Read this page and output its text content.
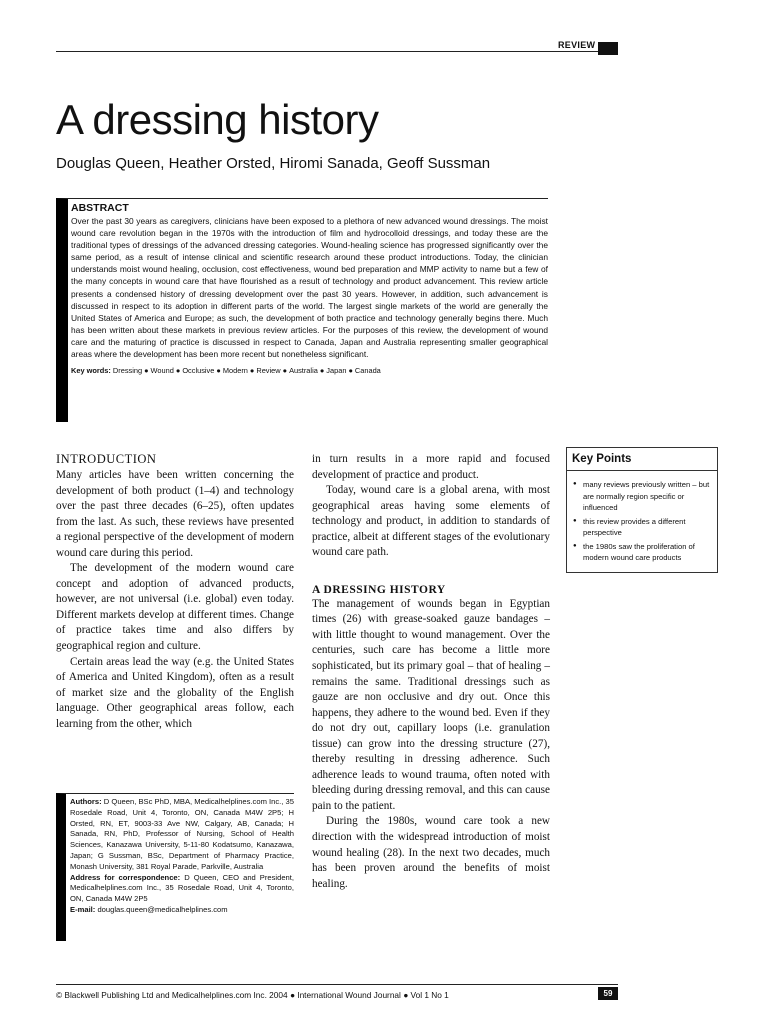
REVIEW
A dressing history
Douglas Queen, Heather Orsted, Hiromi Sanada, Geoff Sussman
ABSTRACT

Over the past 30 years as caregivers, clinicians have been exposed to a plethora of new advanced wound dressings. The moist wound care revolution began in the 1970s with the introduction of film and hydrocolloid dressings, and today these are the traditional types of dressings of the advanced dressing categories. Wound-healing science has progressed significantly over the same period, as a result of intense clinical and scientific research around these product introductions. Today, the clinician understands moist wound healing, occlusion, cost effectiveness, wound bed preparation and MMP activity to name but a few of the many concepts in wound care that have flourished as a result of technology and product advancement. This review article presents a condensed history of dressing development over the past 30 years. However, in addition, such advancement is discussed in respect to its adoption in different parts of the world. The largest single markets of the world are generally the United States of America and Europe; as such, the development of both practice and technology generally begins there. Much has been written about these markets in previous review articles. For the purposes of this review, the development of wound care and the maturing of practice is discussed in respect to Canada, Japan and Australia representing smaller geographical areas where the development has been more recent but nonetheless significant.

Key words: Dressing ● Wound ● Occlusive ● Modern ● Review ● Australia ● Japan ● Canada
INTRODUCTION

Many articles have been written concerning the development of both product (1–4) and technology over the past three decades (6–25), often updates from the last. As such, these reviews have presented a regional perspective of the development of modern wound care during this period.

The development of the modern wound care concept and adoption of advanced products, however, are not universal (i.e. global) even today. Different markets develop at different times. Change of practice takes time and also differs by geographical region and culture.

Certain areas lead the way (e.g. the United States of America and United Kingdom), often as a result of market size and the globality of the English language. Other geographical areas follow, each learning from the other, which

Authors: D Queen, BSc PhD, MBA, Medicalhelplines.com Inc., 35 Rosedale Road, Unit 4, Toronto, ON, Canada M4W 2P5; H Orsted, RN, ET, 9003-33 Ave NW, Calgary, AB, Canada; H Sanada, RN, PhD, Professor of Nursing, School of Health Sciences, Kanazawa University, 5-11-80 Kodatsumo, Kanazawa, Japan; G Sussman, BSc, Department of Pharmacy Practice, Monash University, 381 Royal Parade, Parkville, Australia
Address for correspondence: D Queen, CEO and President, Medicalhelplines.com Inc., 35 Rosedale Road, Unit 4, Toronto, ON, Canada M4W 2P5
E-mail: douglas.queen@medicalhelplines.com

in turn results in a more rapid and focused development of practice and product.

Today, wound care is a global arena, with most geographical areas having some elements of technology and product, in addition to standards of practice, albeit at different stages of the evolutionary wound care path.

A DRESSING HISTORY

The management of wounds began in Egyptian times (26) with grease-soaked gauze bandages – with little thought to wound management. Over the centuries, such care has become a little more sophisticated, but its primary goal – that of healing – remains the same. Traditional dressings such as gauze are non occlusive and dry out. Once this happens, they adhere to the wound bed. Even if they do not dry out, capillary loops (i.e. granulation tissue) can grow into the dressing structure (27), thereby resulting in dressing adherence. Such adherence leads to wound trauma, often noted with bleeding during dressing removal, and this can cause pain to the patient.

During the 1980s, wound care took a new direction with the widespread introduction of moist wound healing (28). In the next two decades, much has been proven around the benefits of moist healing.

Key Points
● many reviews previously written – but are normally region specific or influenced
● this review provides a different perspective
● the 1980s saw the proliferation of modern wound care products
© Blackwell Publishing Ltd and Medicalhelplines.com Inc. 2004 ● International Wound Journal ● Vol 1 No 1	59
